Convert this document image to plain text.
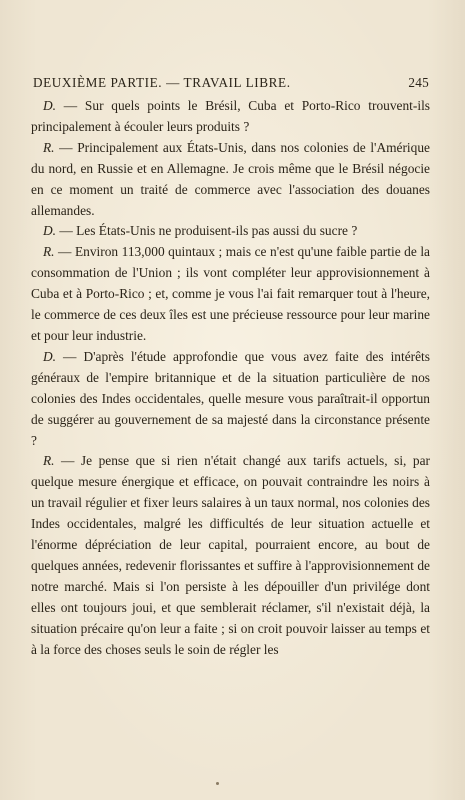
DEUXIÈME PARTIE. — TRAVAIL LIBRE.	245

D. — Sur quels points le Brésil, Cuba et Porto-Rico trouvent-ils principalement à écouler leurs produits ?

R. — Principalement aux États-Unis, dans nos colonies de l'Amérique du nord, en Russie et en Allemagne. Je crois même que le Brésil négocie en ce moment un traité de commerce avec l'association des douanes allemandes.

D. — Les États-Unis ne produisent-ils pas aussi du sucre ?

R. — Environ 113,000 quintaux ; mais ce n'est qu'une faible partie de la consommation de l'Union ; ils vont compléter leur approvisionnement à Cuba et à Porto-Rico ; et, comme je vous l'ai fait remarquer tout à l'heure, le commerce de ces deux îles est une précieuse ressource pour leur marine et pour leur industrie.

D. — D'après l'étude approfondie que vous avez faite des intérêts généraux de l'empire britannique et de la situation particulière de nos colonies des Indes occidentales, quelle mesure vous paraîtrait-il opportun de suggérer au gouvernement de sa majesté dans la circonstance présente ?

R. — Je pense que si rien n'était changé aux tarifs actuels, si, par quelque mesure énergique et efficace, on pouvait contraindre les noirs à un travail régulier et fixer leurs salaires à un taux normal, nos colonies des Indes occidentales, malgré les difficultés de leur situation actuelle et l'énorme dépréciation de leur capital, pourraient encore, au bout de quelques années, redevenir florissantes et suffire à l'approvisionnement de notre marché. Mais si l'on persiste à les dépouiller d'un privilége dont elles ont toujours joui, et que semblerait réclamer, s'il n'existait déjà, la situation précaire qu'on leur a faite ; si on croit pouvoir laisser au temps et à la force des choses seuls le soin de régler les
